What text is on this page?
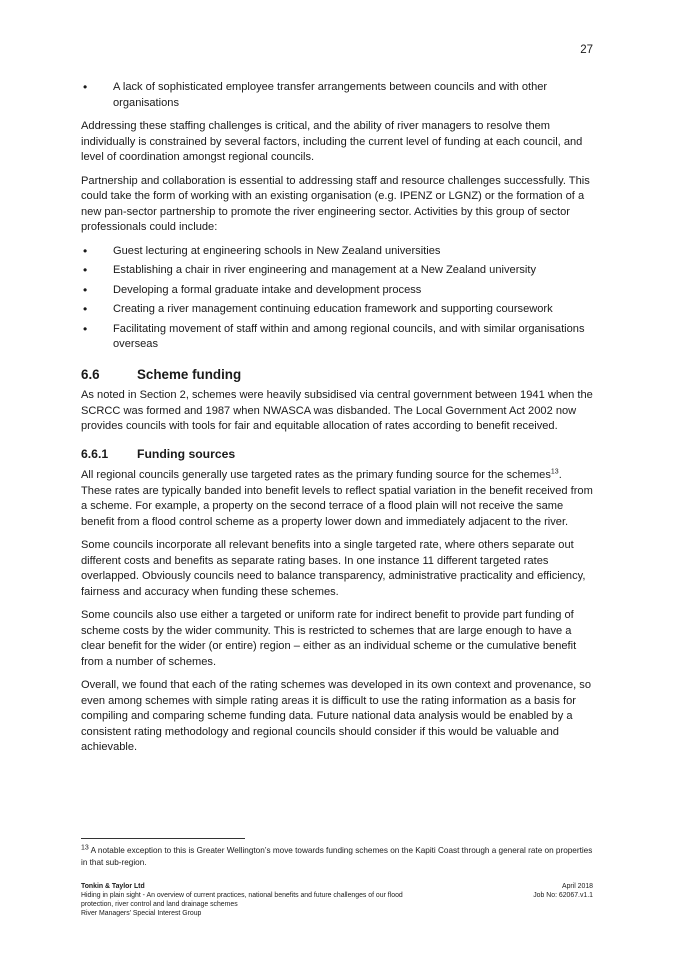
27
• A lack of sophisticated employee transfer arrangements between councils and with other organisations

Addressing these staffing challenges is critical, and the ability of river managers to resolve them individually is constrained by several factors, including the current level of funding at each council, and level of coordination amongst regional councils.

Partnership and collaboration is essential to addressing staff and resource challenges successfully. This could take the form of working with an existing organisation (e.g. IPENZ or LGNZ) or the formation of a new pan-sector partnership to promote the river engineering sector. Activities by this group of sector professionals could include:

• Guest lecturing at engineering schools in New Zealand universities
• Establishing a chair in river engineering and management at a New Zealand university
• Developing a formal graduate intake and development process
• Creating a river management continuing education framework and supporting coursework
• Facilitating movement of staff within and among regional councils, and with similar organisations overseas
6.6	Scheme funding

As noted in Section 2, schemes were heavily subsidised via central government between 1941 when the SCRCC was formed and 1987 when NWASCA was disbanded. The Local Government Act 2002 now provides councils with tools for fair and equitable allocation of rates according to benefit received.

6.6.1 Funding sources

All regional councils generally use targeted rates as the primary funding source for the schemes$^{13}$. These rates are typically banded into benefit levels to reflect spatial variation in the benefit received from a scheme. For example, a property on the second terrace of a flood plain will not receive the same benefit from a flood control scheme as a property lower down and immediately adjacent to the river.

Some councils incorporate all relevant benefits into a single targeted rate, where others separate out different costs and benefits as separate rating bases. In one instance 11 different targeted rates overlapped. Obviously councils need to balance transparency, administrative practicality and efficiency, fairness and accuracy when funding these schemes.

Some councils also use either a targeted or uniform rate for indirect benefit to provide part funding of scheme costs by the wider community. This is restricted to schemes that are large enough to have a clear benefit for the wider (or entire) region – either as an individual scheme or the cumulative benefit from a number of schemes.

Overall, we found that each of the rating schemes was developed in its own context and provenance, so even among schemes with simple rating areas it is difficult to use the rating information as a basis for compiling and comparing scheme funding data. Future national data analysis would be enabled by a consistent rating methodology and regional councils should consider if this would be valuable and achievable.

$^{13}$ A notable exception to this is Greater Wellington’s move towards funding schemes on the Kapiti Coast through a general rate on properties in that sub-region.
Tonkin & Taylor Ltd
Hiding in plain sight - An overview of current practices, national benefits and future challenges of our flood
protection, river control and land drainage schemes
River Managers’ Special Interest Group
April 2018
Job No: 62067.v1.1
